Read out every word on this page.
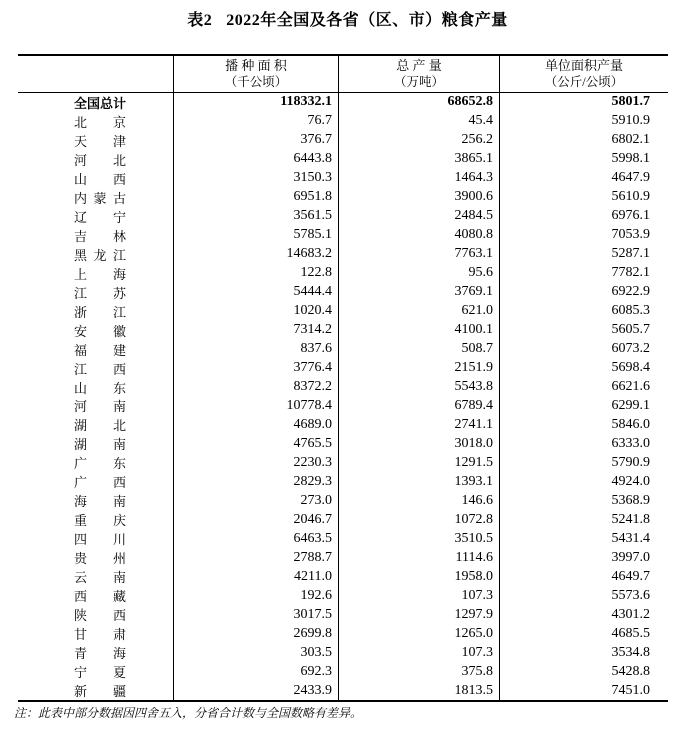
表2 2022年全国及各省（区、市）粮食产量
播 种 面 积
（千公顷）
总 产 量
（万吨）
单位面积产量
（公斤/公顷）
全 国 总 计	118332.1	68652.8	5801.7
北 京	76.7	45.4	5910.9
天 津	376.7	256.2	6802.1
河 北	6443.8	3865.1	5998.1
山 西	3150.3	1464.3	4647.9
内 蒙 古	6951.8	3900.6	5610.9
辽 宁	3561.5	2484.5	6976.1
吉 林	5785.1	4080.8	7053.9
黑 龙 江	14683.2	7763.1	5287.1
上 海	122.8	95.6	7782.1
江 苏	5444.4	3769.1	6922.9
浙 江	1020.4	621.0	6085.3
安 徽	7314.2	4100.1	5605.7
福 建	837.6	508.7	6073.2
江 西	3776.4	2151.9	5698.4
山 东	8372.2	5543.8	6621.6
河 南	10778.4	6789.4	6299.1
湖 北	4689.0	2741.1	5846.0
湖 南	4765.5	3018.0	6333.0
广 东	2230.3	1291.5	5790.9
广 西	2829.3	1393.1	4924.0
海 南	273.0	146.6	5368.9
重 庆	2046.7	1072.8	5241.8
四 川	6463.5	3510.5	5431.4
贵 州	2788.7	1114.6	3997.0
云 南	4211.0	1958.0	4649.7
西 藏	192.6	107.3	5573.6
陕 西	3017.5	1297.9	4301.2
甘 肃	2699.8	1265.0	4685.5
青 海	303.5	107.3	3534.8
宁 夏	692.3	375.8	5428.8
新 疆	2433.9	1813.5	7451.0
注：此表中部分数据因四舍五入，分省合计数与全国数略有差异。
